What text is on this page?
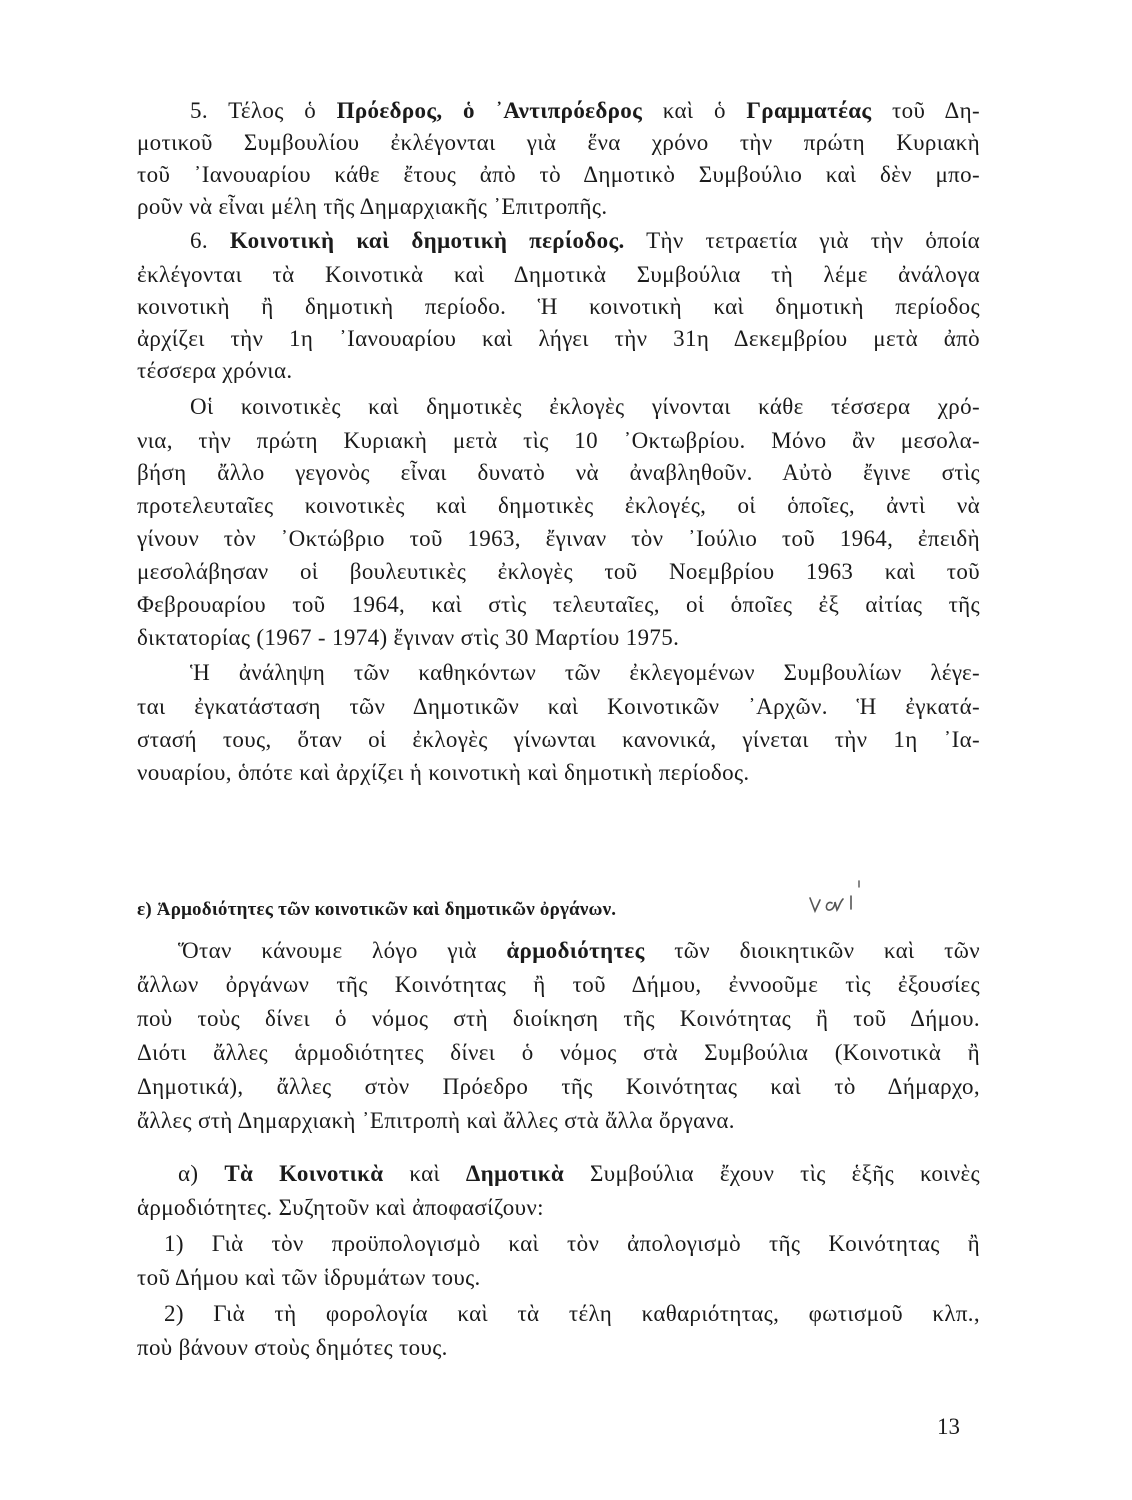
5. Τέλος ὁ Πρόεδρος, ὁ ᾿Αντιπρόεδρος καὶ ὁ Γραμματέας τοῦ Δη-
μοτικοῦ Συμβουλίου ἐκλέγονται γιὰ ἕνα χρόνο τὴν πρώτη Κυριακὴ
τοῦ ᾿Ιανουαρίου κάθε ἔτους ἀπὸ τὸ Δημοτικὸ Συμβούλιο καὶ δὲν μπο-
ροῦν νὰ εἶναι μέλη τῆς Δημαρχιακῆς ᾿Επιτροπῆς.
6. Κοινοτικὴ καὶ δημοτικὴ περίοδος. Τὴν τετραετία γιὰ τὴν ὁποία
ἐκλέγονται τὰ Κοινοτικὰ καὶ Δημοτικὰ Συμβούλια τὴ λέμε ἀνάλογα
κοινοτικὴ ἢ δημοτικὴ περίοδο. Ἡ κοινοτικὴ καὶ δημοτικὴ περίοδος
ἀρχίζει τὴν 1η ᾿Ιανουαρίου καὶ λήγει τὴν 31η Δεκεμβρίου μετὰ ἀπὸ
τέσσερα χρόνια.
Οἱ κοινοτικὲς καὶ δημοτικὲς ἐκλογὲς γίνονται κάθε τέσσερα χρό-
νια, τὴν πρώτη Κυριακὴ μετὰ τὶς 10 ᾿Οκτωβρίου. Μόνο ἂν μεσολα-
βήση ἄλλο γεγονὸς εἶναι δυνατὸ νὰ ἀναβληθοῦν. Αὐτὸ ἔγινε στὶς
προτελευταῖες κοινοτικὲς καὶ δημοτικὲς ἐκλογές, οἱ ὁποῖες, ἀντὶ νὰ
γίνουν τὸν ᾿Οκτώβριο τοῦ 1963, ἔγιναν τὸν ᾿Ιούλιο τοῦ 1964, ἐπειδὴ
μεσολάβησαν οἱ βουλευτικὲς ἐκλογὲς τοῦ Νοεμβρίου 1963 καὶ τοῦ
Φεβρουαρίου τοῦ 1964, καὶ στὶς τελευταῖες, οἱ ὁποῖες ἐξ αἰτίας τῆς
δικτατορίας (1967 - 1974) ἔγιναν στὶς 30 Μαρτίου 1975.
Ἡ ἀνάληψη τῶν καθηκόντων τῶν ἐκλεγομένων Συμβουλίων λέγε-
ται ἐγκατάσταση τῶν Δημοτικῶν καὶ Κοινοτικῶν ᾿Αρχῶν. Ἡ ἐγκατά-
στασή τους, ὅταν οἱ ἐκλογὲς γίνωνται κανονικά, γίνεται τὴν 1η ᾿Ια-
νουαρίου, ὁπότε καὶ ἀρχίζει ἡ κοινοτικὴ καὶ δημοτικὴ περίοδος.
ε) Ἁρμοδιότητες τῶν κοινοτικῶν καὶ δημοτικῶν ὀργάνων.
Ὅταν κάνουμε λόγο γιὰ ἁρμοδιότητες τῶν διοικητικῶν καὶ τῶν
ἄλλων ὀργάνων τῆς Κοινότητας ἢ τοῦ Δήμου, ἐννοοῦμε τὶς ἐξουσίες
ποὺ τοὺς δίνει ὁ νόμος στὴ διοίκηση τῆς Κοινότητας ἢ τοῦ Δήμου.
Διότι ἄλλες ἁρμοδιότητες δίνει ὁ νόμος στὰ Συμβούλια (Κοινοτικὰ ἢ
Δημοτικά), ἄλλες στὸν Πρόεδρο τῆς Κοινότητας καὶ τὸ Δήμαρχο,
ἄλλες στὴ Δημαρχιακὴ ᾿Επιτροπὴ καὶ ἄλλες στὰ ἄλλα ὄργανα.
α) Τὰ Κοινοτικὰ καὶ Δημοτικὰ Συμβούλια ἔχουν τὶς ἑξῆς κοινὲς
ἁρμοδιότητες. Συζητοῦν καὶ ἀποφασίζουν:
1) Γιὰ τὸν προϋπολογισμὸ καὶ τὸν ἀπολογισμὸ τῆς Κοινότητας ἢ
τοῦ Δήμου καὶ τῶν ἱδρυμάτων τους.
2) Γιὰ τὴ φορολογία καὶ τὰ τέλη καθαριότητας, φωτισμοῦ κλπ.,
ποὺ βάνουν στοὺς δημότες τους.
13
